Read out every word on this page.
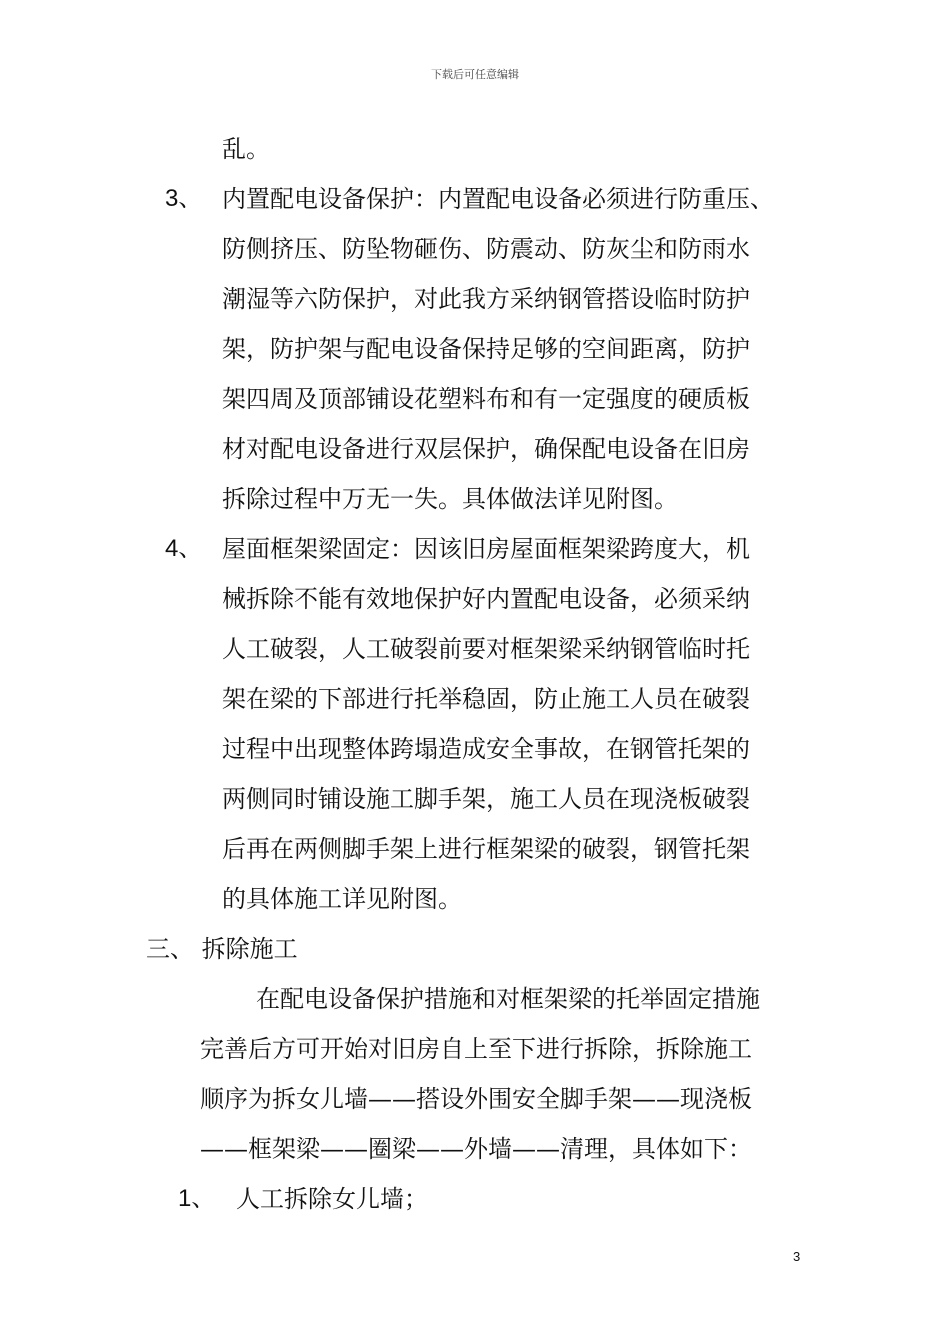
下载后可任意编辑
乱。
3、 内置配电设备保护：内置配电设备必须进行防重压、
防侧挤压、防坠物砸伤、防震动、防灰尘和防雨水
潮湿等六防保护，对此我方采纳钢管搭设临时防护
架，防护架与配电设备保持足够的空间距离，防护
架四周及顶部铺设花塑料布和有一定强度的硬质板
材对配电设备进行双层保护，确保配电设备在旧房
拆除过程中万无一失。具体做法详见附图。
4、 屋面框架梁固定：因该旧房屋面框架梁跨度大，机
械拆除不能有效地保护好内置配电设备，必须采纳
人工破裂，人工破裂前要对框架梁采纳钢管临时托
架在梁的下部进行托举稳固，防止施工人员在破裂
过程中出现整体跨塌造成安全事故，在钢管托架的
两侧同时铺设施工脚手架，施工人员在现浇板破裂
后再在两侧脚手架上进行框架梁的破裂，钢管托架
的具体施工详见附图。
三、 拆除施工
在配电设备保护措施和对框架梁的托举固定措施
完善后方可开始对旧房自上至下进行拆除，拆除施工
顺序为拆女儿墙——搭设外围安全脚手架——现浇板
——框架梁——圈梁——外墙——清理，具体如下：
1、 人工拆除女儿墙；
3
